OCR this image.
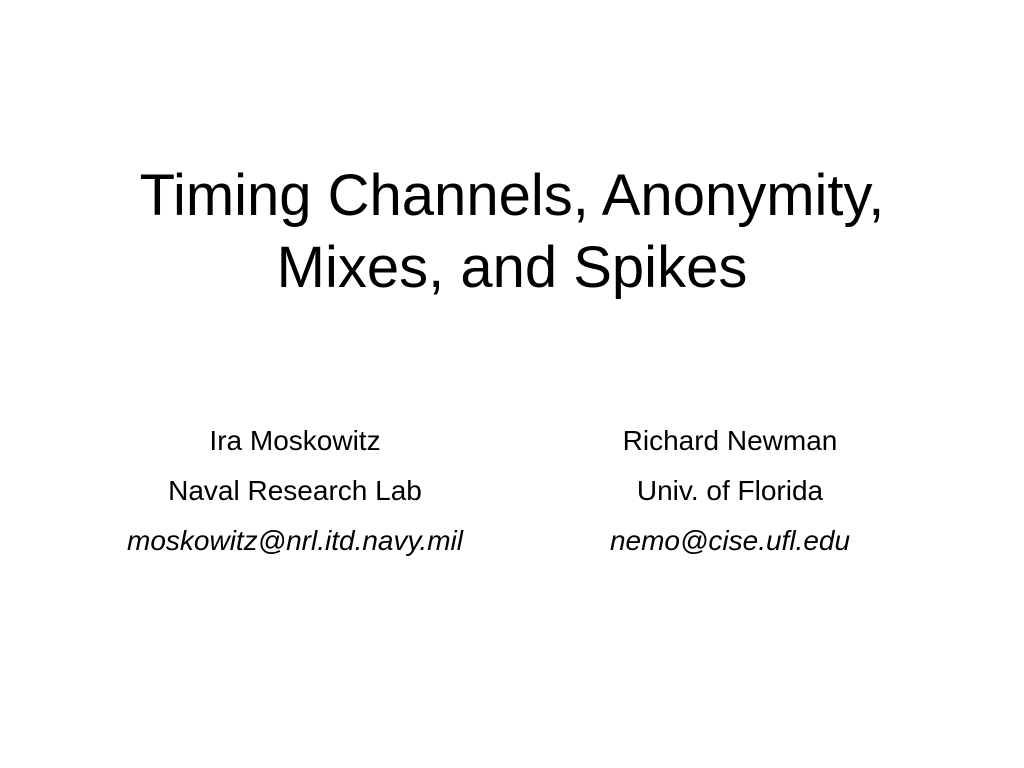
Timing Channels, Anonymity,
Mixes, and Spikes
Ira Moskowitz
Naval Research Lab
moskowitz@nrl.itd.navy.mil
Richard Newman
Univ. of Florida
nemo@cise.ufl.edu
